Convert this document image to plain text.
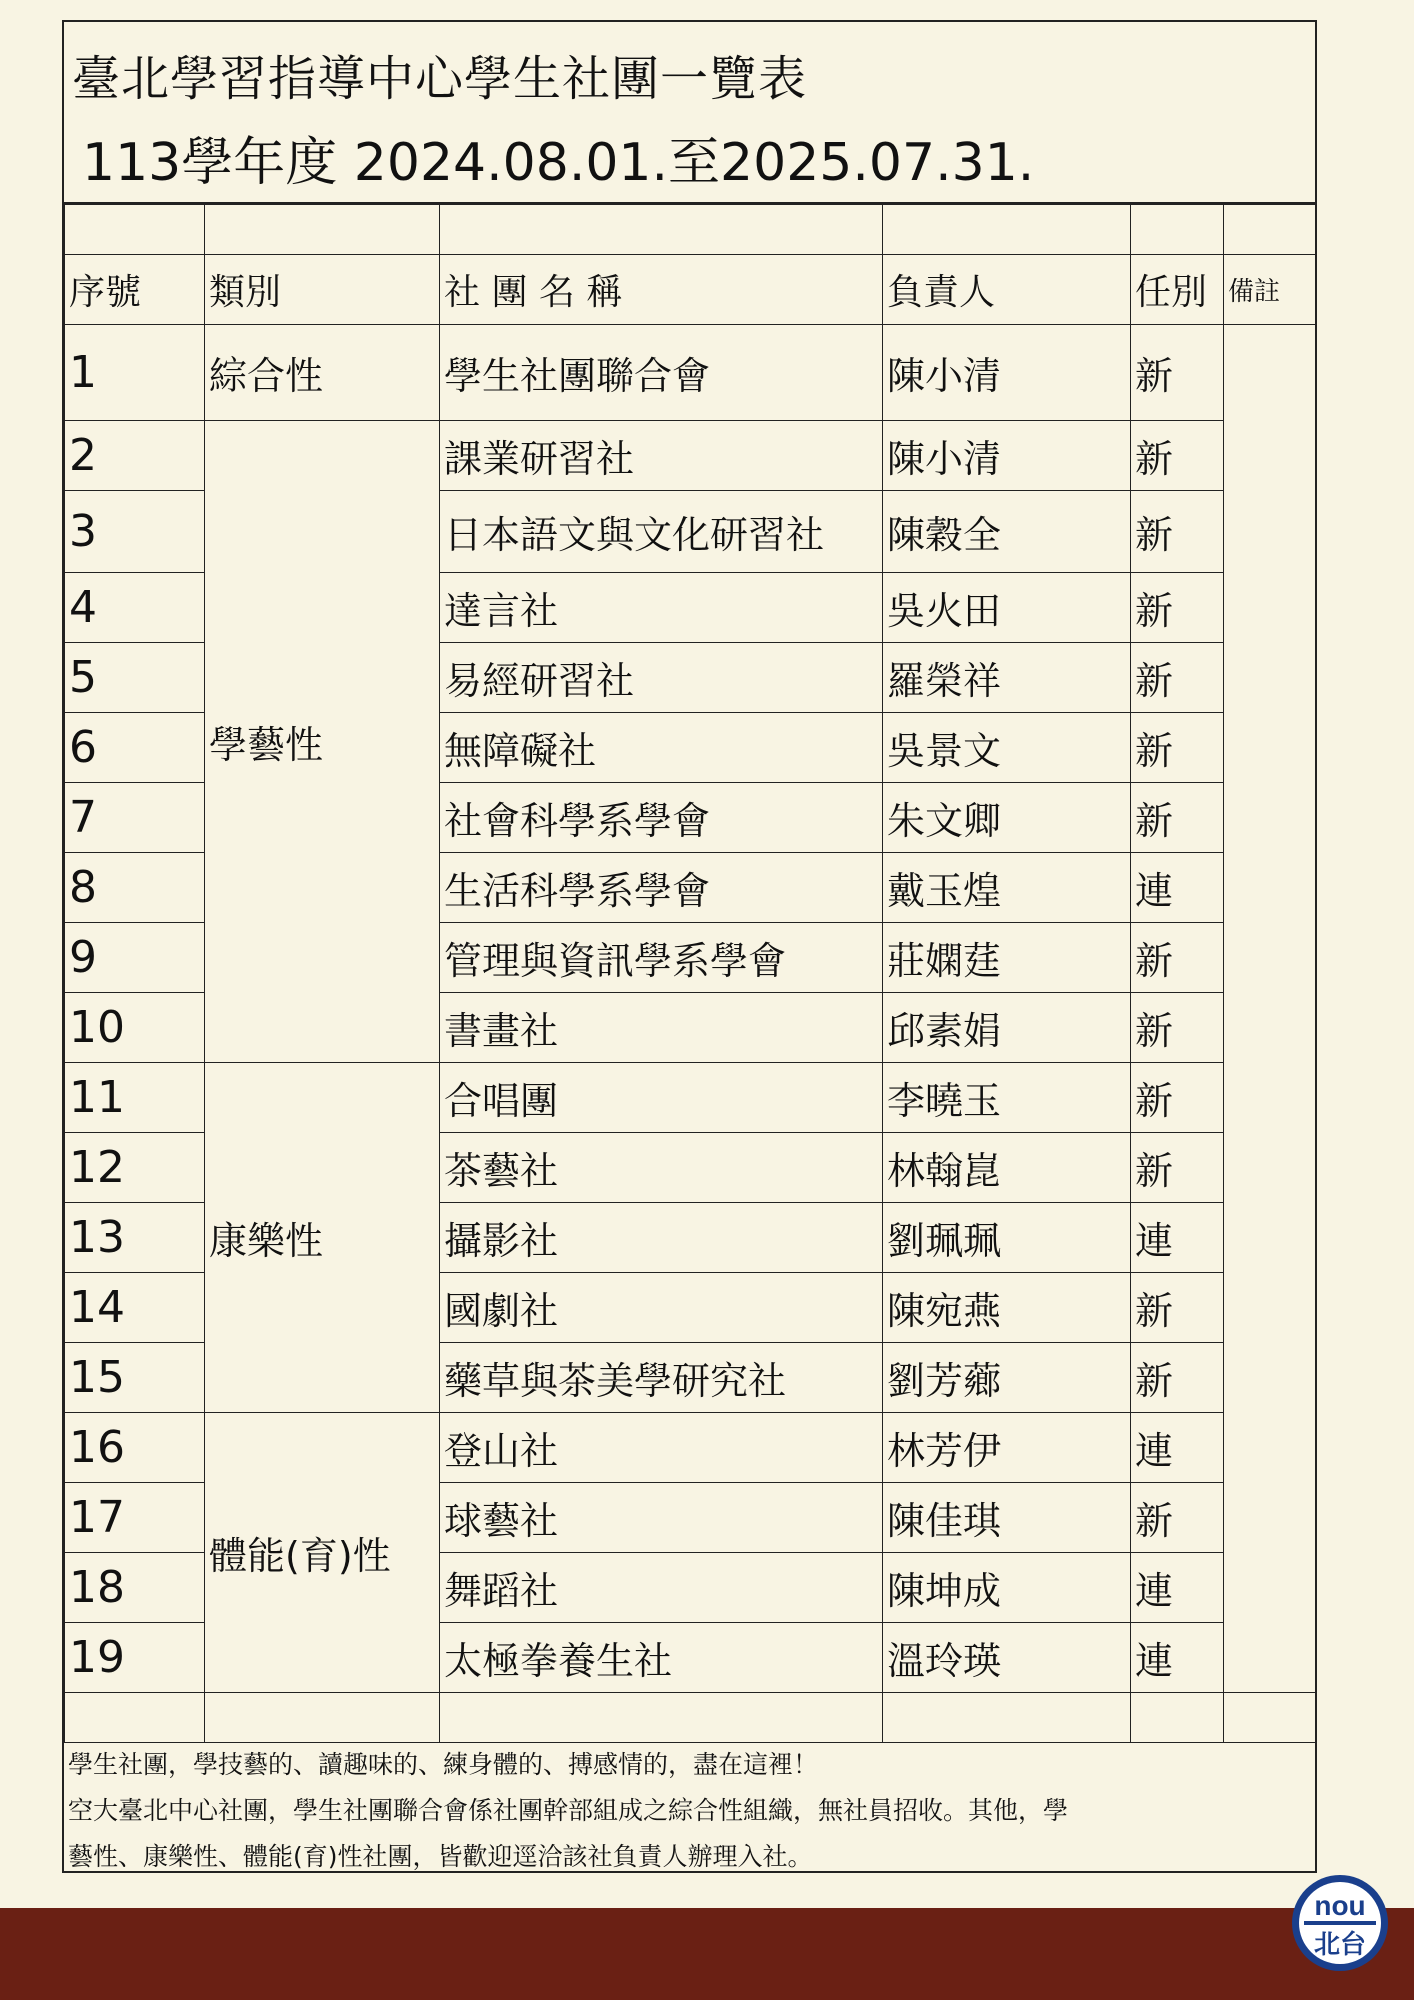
臺北學習指導中心學生社團一覽表
113學年度 2024.08.01.至2025.07.31.

序號	類別	社 團 名 稱	負責人	任別	備註
1	綜合性	學生社團聯合會	陳小清	新	
2	學藝性	課業研習社	陳小清	新	
3		日本語文與文化研習社	陳穀全	新	
4		達言社	吳火田	新	
5		易經研習社	羅榮祥	新	
6		無障礙社	吳景文	新	
7		社會科學系學會	朱文卿	新	
8		生活科學系學會	戴玉煌	連	
9		管理與資訊學系學會	莊嫻莛	新	
10		書畫社	邱素娟	新	
11	康樂性	合唱團	李曉玉	新	
12		茶藝社	林翰崑	新	
13		攝影社	劉珮珮	連	
14		國劇社	陳宛燕	新	
15		藥草與茶美學研究社	劉芳薌	新	
16	體能(育)性	登山社	林芳伊	連	
17		球藝社	陳佳琪	新	
18		舞蹈社	陳坤成	連	
19		太極拳養生社	溫玲瑛	連	

學生社團，學技藝的、讀趣味的、練身體的、搏感情的，盡在這裡！

空大臺北中心社團，學生社團聯合會係社團幹部組成之綜合性組織，無社員招收。其他，學

藝性、康樂性、體能(育)性社團，皆歡迎逕洽該社負責人辦理入社。

nou
北台
